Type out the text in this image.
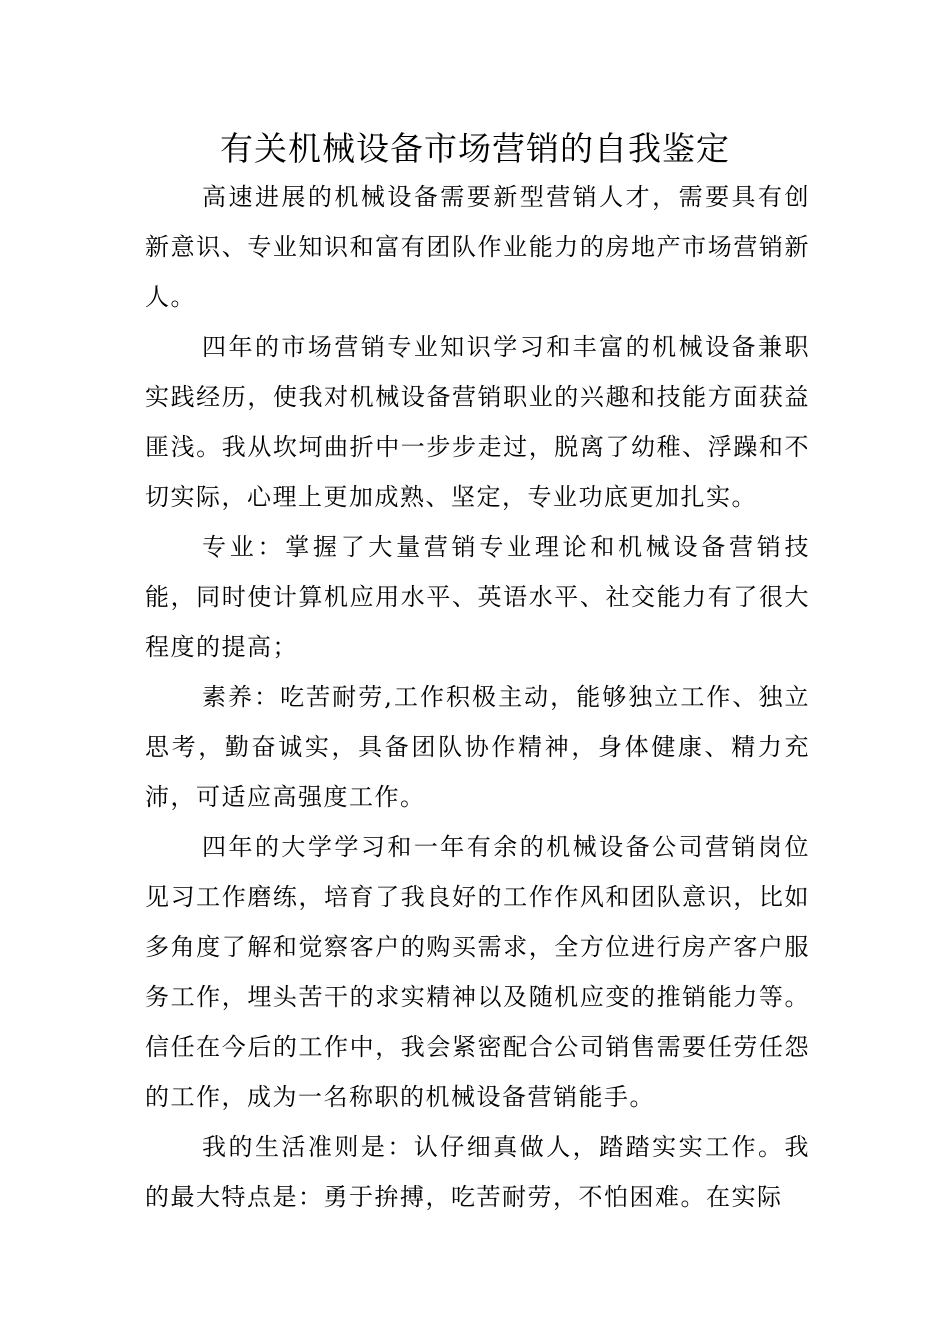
有关机械设备市场营销的自我鉴定

高速进展的机械设备需要新型营销人才，需要具有创新意识、专业知识和富有团队作业能力的房地产市场营销新人。

四年的市场营销专业知识学习和丰富的机械设备兼职实践经历，使我对机械设备营销职业的兴趣和技能方面获益匪浅。我从坎坷曲折中一步步走过，脱离了幼稚、浮躁和不切实际，心理上更加成熟、坚定，专业功底更加扎实。

专业：掌握了大量营销专业理论和机械设备营销技能，同时使计算机应用水平、英语水平、社交能力有了很大程度的提高；

素养：吃苦耐劳,工作积极主动，能够独立工作、独立思考，勤奋诚实，具备团队协作精神，身体健康、精力充沛，可适应高强度工作。

四年的大学学习和一年有余的机械设备公司营销岗位见习工作磨练，培育了我良好的工作作风和团队意识，比如多角度了解和觉察客户的购买需求，全方位进行房产客户服务工作，埋头苦干的求实精神以及随机应变的推销能力等。信任在今后的工作中，我会紧密配合公司销售需要任劳任怨的工作，成为一名称职的机械设备营销能手。

我的生活准则是：认仔细真做人，踏踏实实工作。我的最大特点是：勇于拚搏，吃苦耐劳，不怕困难。在实际
